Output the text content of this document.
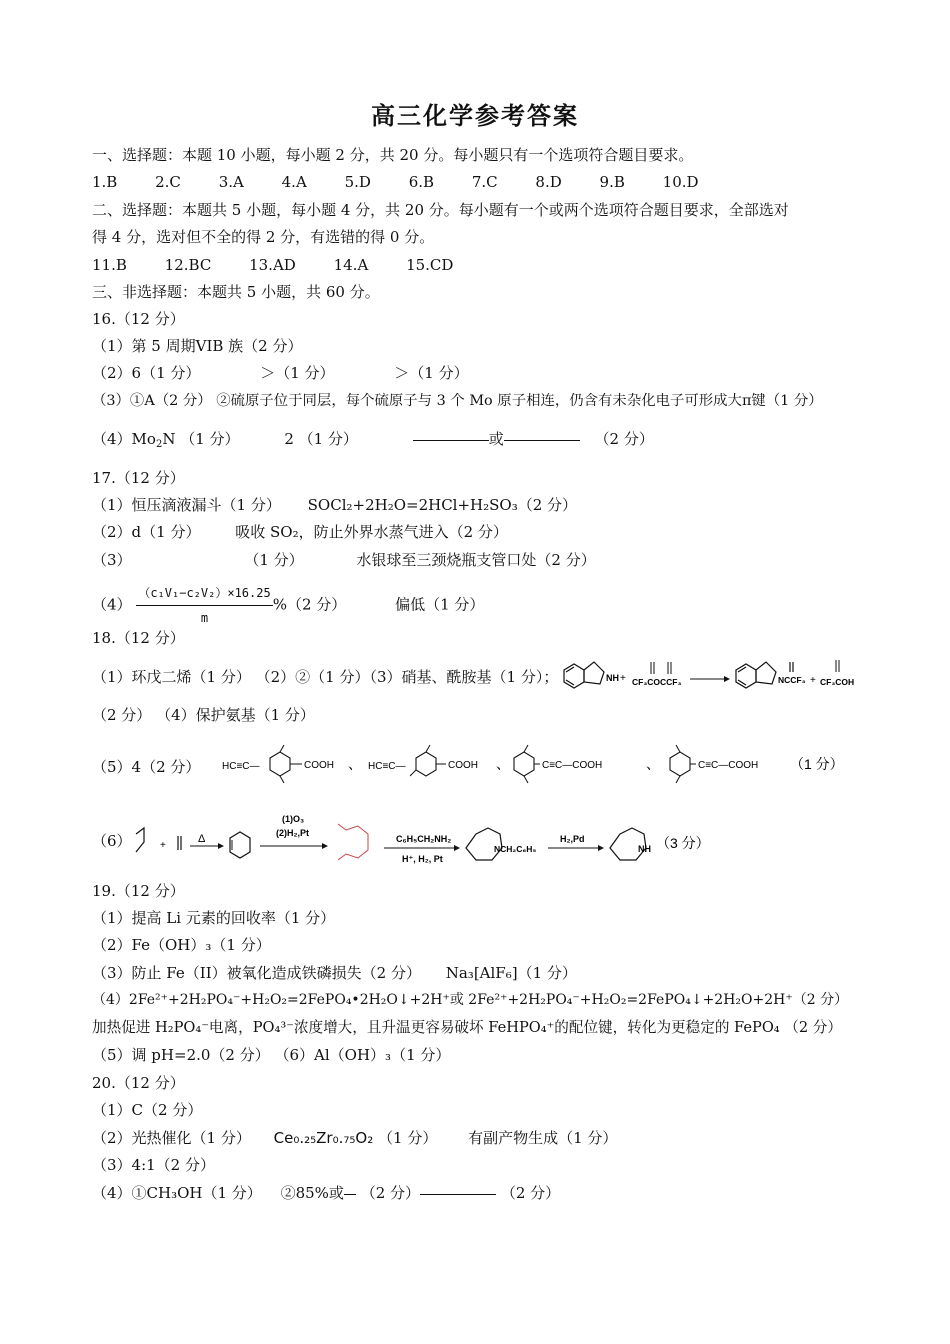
高三化学参考答案
一、选择题：本题 10 小题，每小题 2 分，共 20 分。每小题只有一个选项符合题目要求。
1.B	2.C	3.A	4.A	5.D	6.B	7.C	8.D	9.B	10.D
二、选择题：本题共 5 小题，每小题 4 分，共 20 分。每小题有一个或两个选项符合题目要求，全部选对
得 4 分，选对但不全的得 2 分，有选错的得 0 分。
11.B	12.BC	13.AD	14.A	15.CD
三、非选择题：本题共 5 小题，共 60 分。
16.（12 分）
（1）第 5 周期VIB 族（2 分）
（2）6（1 分）	＞（1 分）	＞（1 分）
（3）①A（2 分） ②硫原子位于同层，每个硫原子与 3 个 Mo 原子相连，仍含有未杂化电子可形成大π键（1 分）
$(4)Mo_2N$ （1 分）	2 （1 分）	或	（2 分）
17.（12 分）
（1）恒压滴液漏斗（1 分） SOCl₂+2H₂O=2HCl+H₂SO₃（2 分）
（2）d（1 分） 吸收 SO₂，防止外界水蒸气进入（2 分）
（3）	（1 分）	水银球至三颈烧瓶支管口处（2 分）
$(4) \frac{\text{（c₁V₁−c₂V₂）×16.25}}{m} \%(2$ 分）	偏低（1 分）
18.（12 分）
（1）环戊二烯（1 分） （2）②（1 分）（3）硝基、酰胺基（1 分）；	NH + CF₃COCCF₃	NCCF₃ + CF₃COH
（2 分） （4）保护氨基（1 分）
（5）4（2 分） HC≡C—	COOH 、 HC≡C—	COOH 、	C≡C—COOH	、	C≡C—COOH （1 分）
（6）	+
Δ
(1)O₃
(2)H₂,Pt
C₆H₅CH₂NH₂
H⁺, H₂, Pt
NCH₂C₆H₅
H₂,Pd
NH （3 分）
19.（12 分）
（1）提高 Li 元素的回收率（1 分）
（2）Fe（OH）₃（1 分）
（3）防止 Fe（II）被氧化造成铁磷损失（2 分） Na₃[AlF₆]（1 分）
（4）2Fe²⁺+2H₂PO₄⁻+H₂O₂=2FePO₄•2H₂O↓+2H⁺或 2Fe²⁺+2H₂PO₄⁻+H₂O₂=2FePO₄↓+2H₂O+2H⁺（2 分）
加热促进 H₂PO₄⁻电离，PO₄³⁻浓度增大，且升温更容易破坏 FeHPO₄⁺的配位键，转化为更稳定的 FePO₄ （2 分）
（5）调 pH=2.0（2 分） （6）Al（OH）₃（1 分）
20.（12 分）
（1）C（2 分）
（2）光热催化（1 分） Ce₀.₂₅Zr₀.₇₅O₂ （1 分） 有副产物生成（1 分）
（3）4:1（2 分）
（4）①CH₃OH（1 分） ②85%或 （2 分）	（2 分）
